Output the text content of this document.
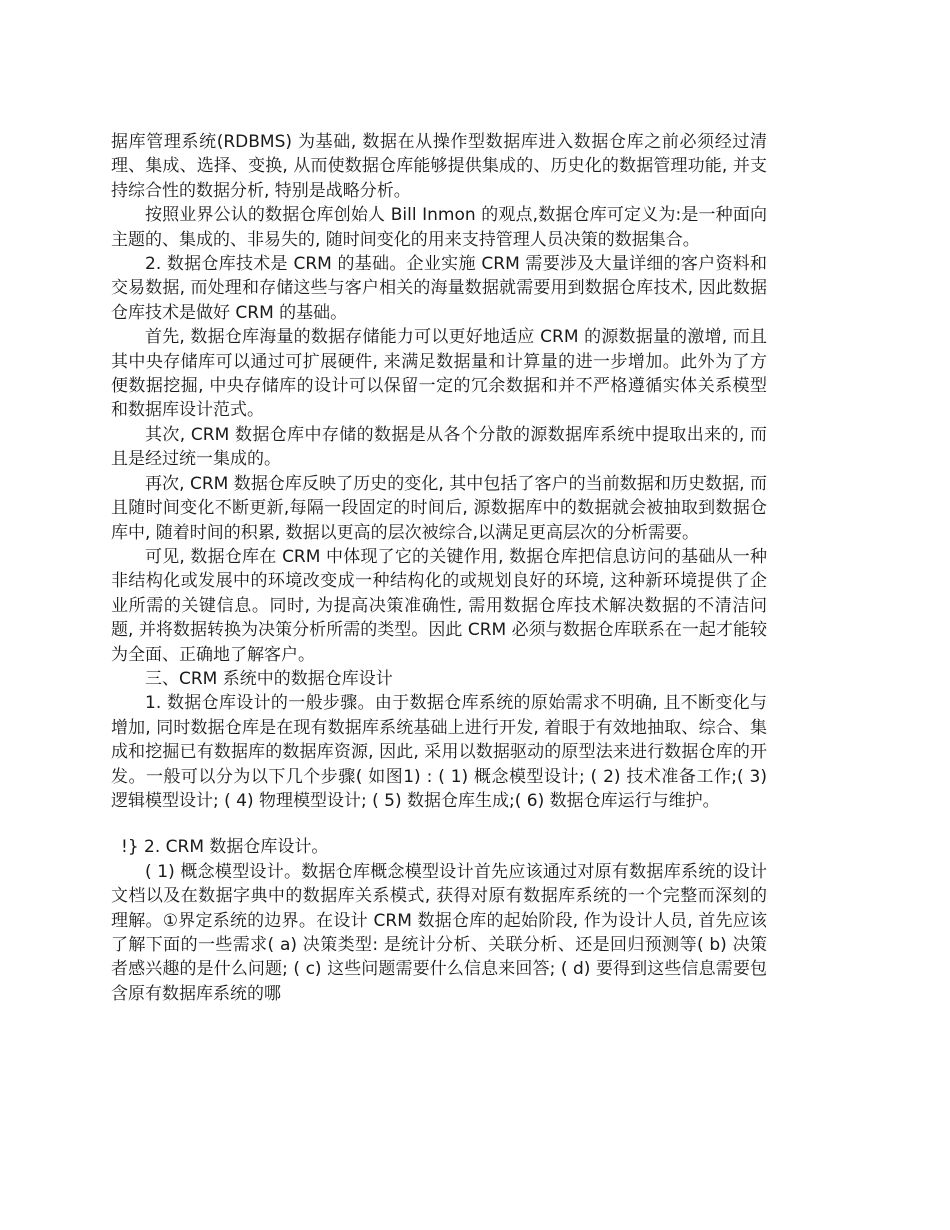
据库管理系统(RDBMS) 为基础, 数据在从操作型数据库进入数据仓库之前必须经过清理、集成、选择、变换, 从而使数据仓库能够提供集成的、历史化的数据管理功能, 并支持综合性的数据分析, 特别是战略分析。

按照业界公认的数据仓库创始人 Bill Inmon 的观点,数据仓库可定义为:是一种面向主题的、集成的、非易失的, 随时间变化的用来支持管理人员决策的数据集合。

2. 数据仓库技术是 CRM 的基础。企业实施 CRM 需要涉及大量详细的客户资料和交易数据, 而处理和存储这些与客户相关的海量数据就需要用到数据仓库技术, 因此数据仓库技术是做好 CRM 的基础。

首先, 数据仓库海量的数据存储能力可以更好地适应 CRM 的源数据量的激增, 而且其中央存储库可以通过可扩展硬件, 来满足数据量和计算量的进一步增加。此外为了方便数据挖掘, 中央存储库的设计可以保留一定的冗余数据和并不严格遵循实体关系模型和数据库设计范式。

其次, CRM 数据仓库中存储的数据是从各个分散的源数据库系统中提取出来的, 而且是经过统一集成的。

再次, CRM 数据仓库反映了历史的变化, 其中包括了客户的当前数据和历史数据, 而且随时间变化不断更新,每隔一段固定的时间后, 源数据库中的数据就会被抽取到数据仓库中, 随着时间的积累, 数据以更高的层次被综合,以满足更高层次的分析需要。

可见, 数据仓库在 CRM 中体现了它的关键作用, 数据仓库把信息访问的基础从一种非结构化或发展中的环境改变成一种结构化的或规划良好的环境, 这种新环境提供了企业所需的关键信息。同时, 为提高决策准确性, 需用数据仓库技术解决数据的不清洁问题, 并将数据转换为决策分析所需的类型。因此 CRM 必须与数据仓库联系在一起才能较为全面、正确地了解客户。

三、CRM 系统中的数据仓库设计

1. 数据仓库设计的一般步骤。由于数据仓库系统的原始需求不明确, 且不断变化与增加, 同时数据仓库是在现有数据库系统基础上进行开发, 着眼于有效地抽取、综合、集成和挖掘已有数据库的数据库资源, 因此, 采用以数据驱动的原型法来进行数据仓库的开发。一般可以分为以下几个步骤( 如图1) : ( 1) 概念模型设计; ( 2) 技术准备工作;( 3) 逻辑模型设计; ( 4) 物理模型设计; ( 5) 数据仓库生成;( 6) 数据仓库运行与维护。

!} 2. CRM 数据仓库设计。

( 1) 概念模型设计。数据仓库概念模型设计首先应该通过对原有数据库系统的设计文档以及在数据字典中的数据库关系模式, 获得对原有数据库系统的一个完整而深刻的理解。①界定系统的边界。在设计 CRM 数据仓库的起始阶段, 作为设计人员, 首先应该了解下面的一些需求( a) 决策类型: 是统计分析、关联分析、还是回归预测等( b) 决策者感兴趣的是什么问题; ( c) 这些问题需要什么信息来回答; ( d) 要得到这些信息需要包含原有数据库系统的哪
